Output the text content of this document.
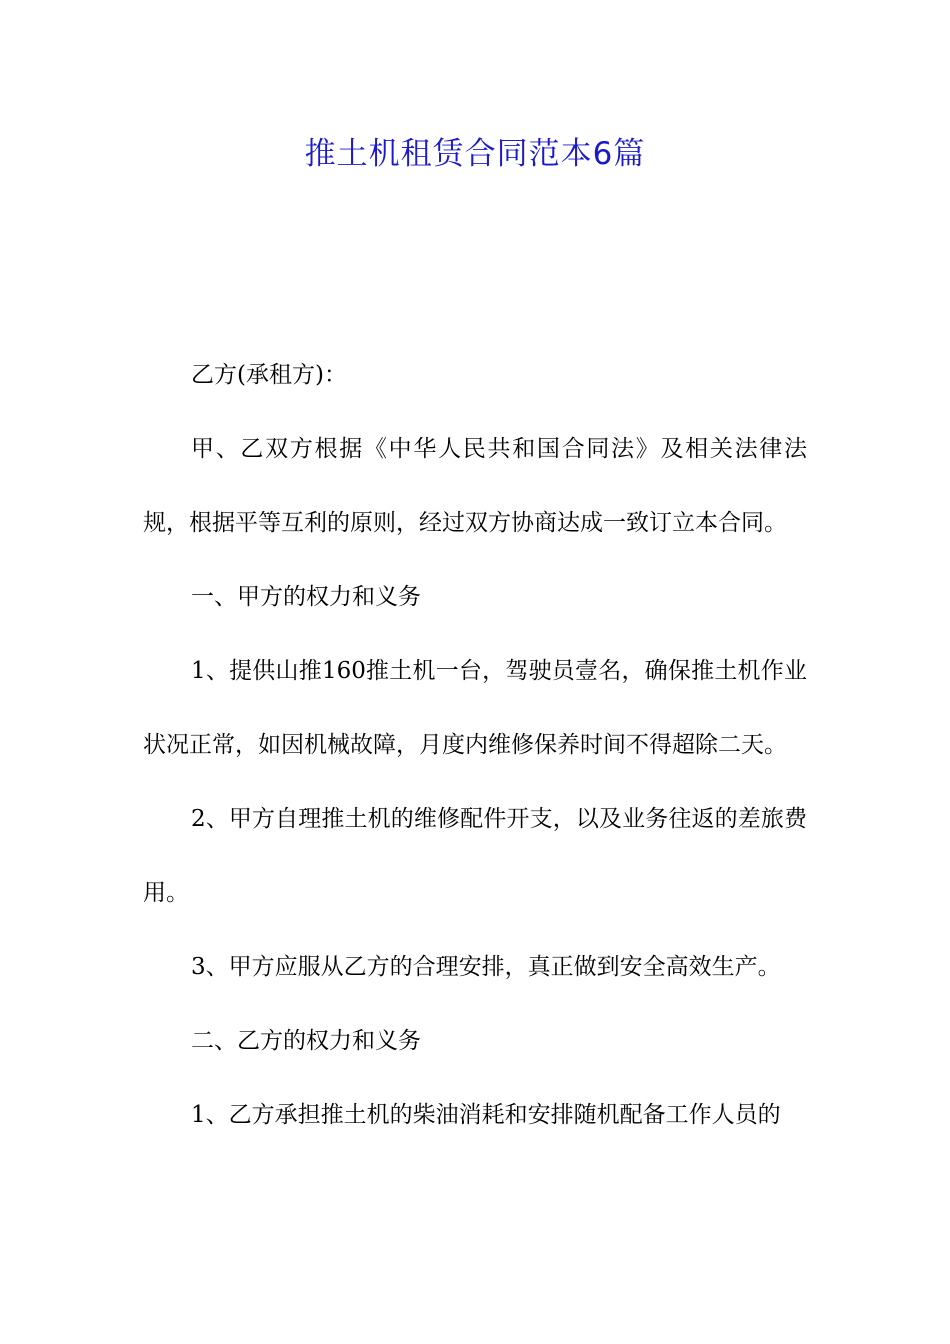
推土机租赁合同范本6篇

乙方(承租方)：

甲、乙双方根据《中华人民共和国合同法》及相关法律法规，根据平等互利的原则，经过双方协商达成一致订立本合同。

一、甲方的权力和义务

1、提供山推160推土机一台，驾驶员壹名，确保推土机作业状况正常，如因机械故障，月度内维修保养时间不得超除二天。

2、甲方自理推土机的维修配件开支，以及业务往返的差旅费用。

3、甲方应服从乙方的合理安排，真正做到安全高效生产。

二、乙方的权力和义务

1、乙方承担推土机的柴油消耗和安排随机配备工作人员的
